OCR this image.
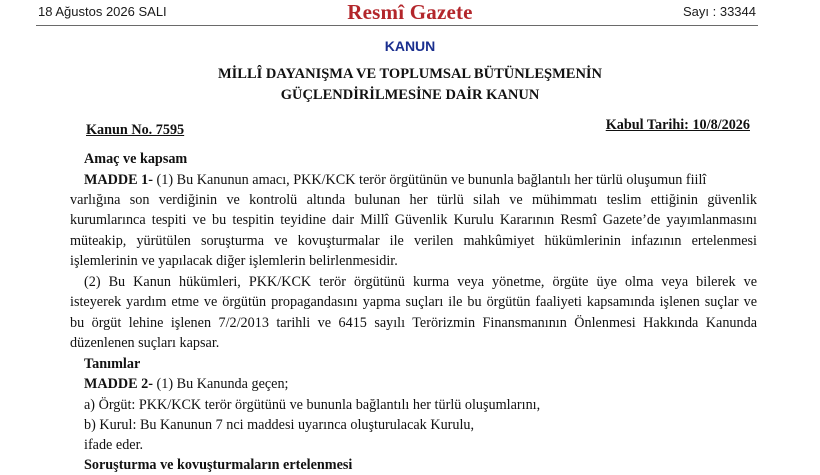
18 Ağustos 2026 SALI	Resmî Gazete	Sayı : 33344
KANUN
MİLLÎ DAYANIŞMA VE TOPLUMSAL BÜTÜNLEŞMENİN
GÜÇLENDİRİLMESİNE DAİR KANUN
Kanun No. 7595	Kabul Tarihi: 10/8/2026
Amaç ve kapsam
MADDE 1- (1) Bu Kanunun amacı, PKK/KCK terör örgütünün ve bununla bağlantılı her türlü oluşumun fiilî
varlığına son verdiğinin ve kontrolü altında bulunan her türlü silah ve mühimmatı teslim ettiğinin güvenlik
kurumlarınca tespiti ve bu tespitin teyidine dair Millî Güvenlik Kurulu Kararının Resmî Gazete’de yayımlanmasını
müteakip, yürütülen soruşturma ve kovuşturmalar ile verilen mahkûmiyet hükümlerinin infazının ertelenmesi
işlemlerinin ve yapılacak diğer işlemlerin belirlenmesidir.
(2) Bu Kanun hükümleri, PKK/KCK terör örgütünü kurma veya yönetme, örgüte üye olma veya bilerek ve
isteyerek yardım etme ve örgütün propagandasını yapma suçları ile bu örgütün faaliyeti kapsamında işlenen suçlar ve
bu örgüt lehine işlenen 7/2/2013 tarihli ve 6415 sayılı Terörizmin Finansmanının Önlenmesi Hakkında Kanunda
düzenlenen suçları kapsar.
Tanımlar
MADDE 2- (1) Bu Kanunda geçen;
a) Örgüt: PKK/KCK terör örgütünü ve bununla bağlantılı her türlü oluşumlarını,
b) Kurul: Bu Kanunun 7 nci maddesi uyarınca oluşturulacak Kurulu,
ifade eder.
Soruşturma ve kovuşturmaların ertelenmesi
